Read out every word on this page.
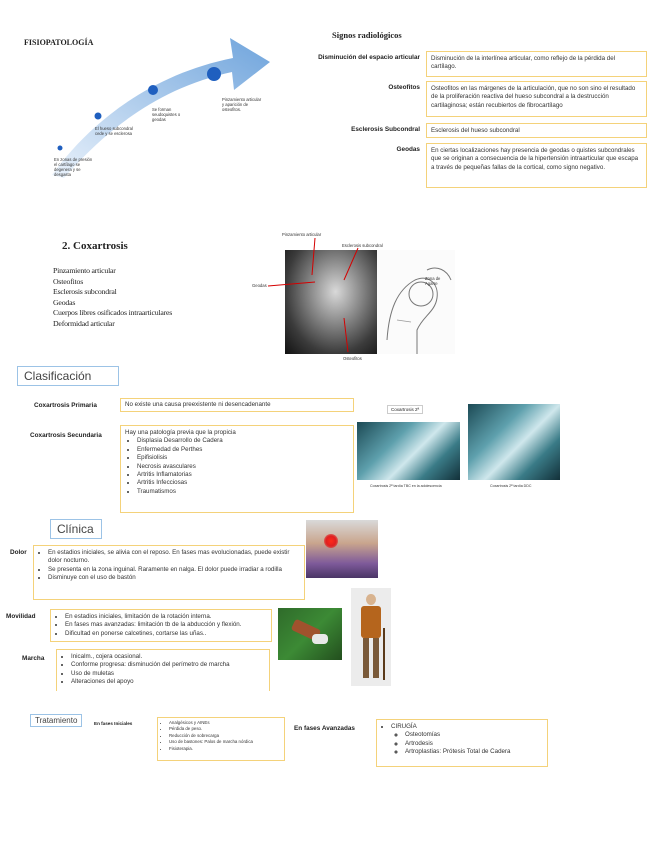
FISIOPATOLOGÍA
En zonas de presión el cartílago se degenera y se desgasta
El hueso subcondral cede y se esclerosa
Se forman seudoquistes o geodas
Pinzamiento articular y aparición de osteofitos.
Signos radiológicos
Disminución del espacio articular	Disminución de la interlínea articular, como reflejo de la pérdida del cartílago.
Osteofitos	Osteofitos en las márgenes de la articulación, que no son sino el resultado de la proliferación reactiva del hueso subcondral a la destrucción cartilaginosa; están recubiertos de fibrocartílago
Esclerosis Subcondral	Esclerosis del hueso subcondral
Geodas	En ciertas localizaciones hay presencia de geodas o quistes subcondrales que se originan a consecuencia de la hipertensión intraarticular que escapa a través de pequeñas fallas de la cortical, como signo negativo.
2. Coxartrosis
Pinzamiento articular
Osteofitos
Esclerosis subcondral
Geodas
Cuerpos libres osificados intraarticulares
Deformidad articular
Pinzamiento articular
Esclerosis subcondral
Geodas
Osteofitos
Zona de Agarre
Clasificación
Coxartrosis Primaria	No existe una causa preexistente ni desencadenante
Coxartrosis Secundaria	Hay una patología previa que la propicia
• Displasia Desarrollo de Cadera
• Enfermedad de Perthes
• Epifisiolisis
• Necrosis avasculares
• Artritis Inflamatorias
• Artritis Infecciosas
• Traumatismos
Coxartrosis 2ª
Coxartrosis 2ª tardía TBC en la adolescencia	Coxartrosis 2ª tardía DDC
Clínica
Dolor	• En estadios iniciales, se alivia con el reposo. En fases mas evolucionadas, puede existir dolor nocturno.
• Se presenta en la zona inguinal. Raramente en nalga. El dolor puede irradiar a rodilla
• Disminuye con el uso de bastón
Movilidad	• En estadios iniciales, limitación de la rotación interna.
• En fases mas avanzadas: limitación tb de la abducción y flexión.
• Dificultad en ponerse calcetines, cortarse las uñas..
Marcha	• Inicalm., cojera ocasional.
• Conforme progresa: disminución del perímetro de marcha
• Uso de muletas
• Alteraciones del apoyo
Tratamiento	En fases Iniciales	• Analgésicos y AINEs
• Pérdida de peso.
• Reducción de sobrecarga
• Uso de bastones: Palos de marcha nórdica
• Fisioterapia.
En fases Avanzadas	• CIRUGÍA
◦ Osteotomías
◦ Artrodesis
◦ Artroplastias: Prótesis Total de Cadera
